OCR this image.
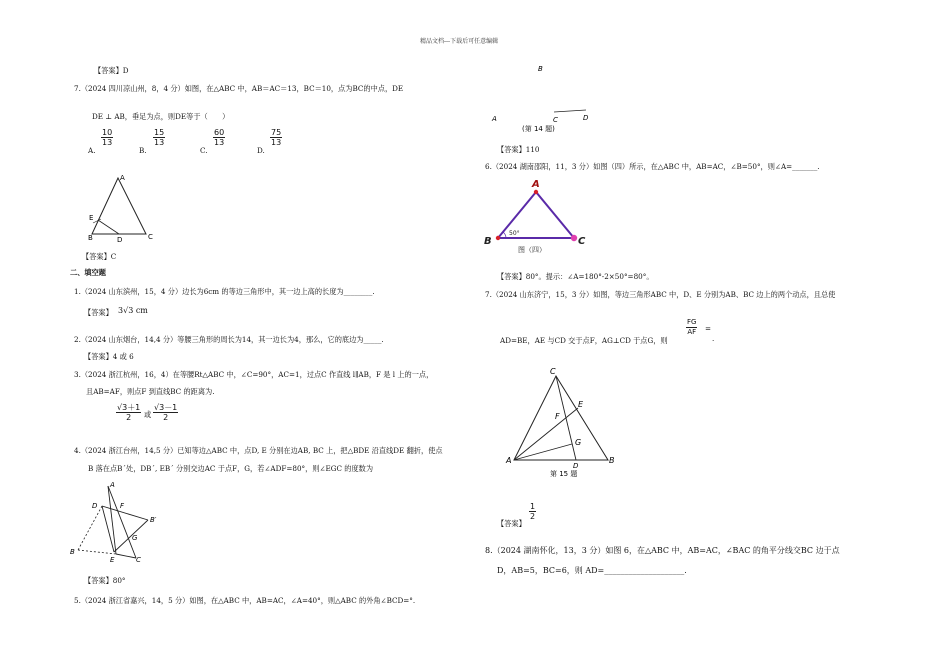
精品文档---下载后可任意编辑
【答案】D
7.（2024 四川凉山州，8，4 分）如图，在△ABC 中，AB＝AC＝13，BC＝10，点为BC的中点，DE
DE ⊥ AB，垂足为点，则DE等于（　　）
A.
$\frac{10}{13}$
B.
$\frac{15}{13}$
C.
$\frac{60}{13}$
D.
$\frac{75}{13}$
A
E
B	D	C
【答案】C
二、填空题
1.（2024 山东滨州，15，4 分）边长为6cm 的等边三角形中，其一边上高的长度为________.
【答案】 3√3 cm
2.（2024 山东烟台，14,4 分）等腰三角形的周长为14，其一边长为4，那么，它的底边为_____.
【答案】4 或 6
3.（2024 浙江杭州，16，4）在等腰Rt△ABC 中，∠C=90°，AC=1，过点C 作直线 l∥AB，F 是 l 上的一点，
且AB=AF，则点F 到直线BC 的距离为.
$\frac{√3+1}{2}$ 或 $\frac{√3-1}{2}$
4.（2024 浙江台州，14,5 分）已知等边△ABC 中，点D, E 分别在边AB, BC 上，把△BDE 沿直线DE 翻折，使点
B 落在点B´处，DB´, EB´ 分别交边AC 于点F，G，若∠ADF=80°，则∠EGC 的度数为
A
D	F
B′
G
B
E	C
【答案】80°
5.（2024 浙江省嘉兴，14，5 分）如图，在△ABC 中，AB=AC，∠A=40°，则△ABC 的外角∠BCD=°.
B
A	C	D
(第 14 题)
【答案】110
6.（2024 湖南邵阳，11，3 分）如图（四）所示，在△ABC 中，AB=AC，∠B=50°，则∠A=_______.
A
B	C
50°
图（四）
【答案】80°。提示：∠A=180°-2×50°=80°。
7.（2024 山东济宁，15，3 分）如图，等边三角形ABC 中，D、E 分别为AB、BC 边上的两个动点，且总使
AD=BE，AE 与CD 交于点F，AG⊥CD 于点G，则
$\frac{FG}{AF}$ =
.
C
E
F
G
A
D
B
第 15 题
【答案】
$\frac{1}{2}$
8.（2024 湖南怀化，13，3 分）如图 6，在△ABC 中，AB=AC，∠BAC 的角平分线交BC 边于点
D，AB=5，BC=6，则 AD=____________________.
